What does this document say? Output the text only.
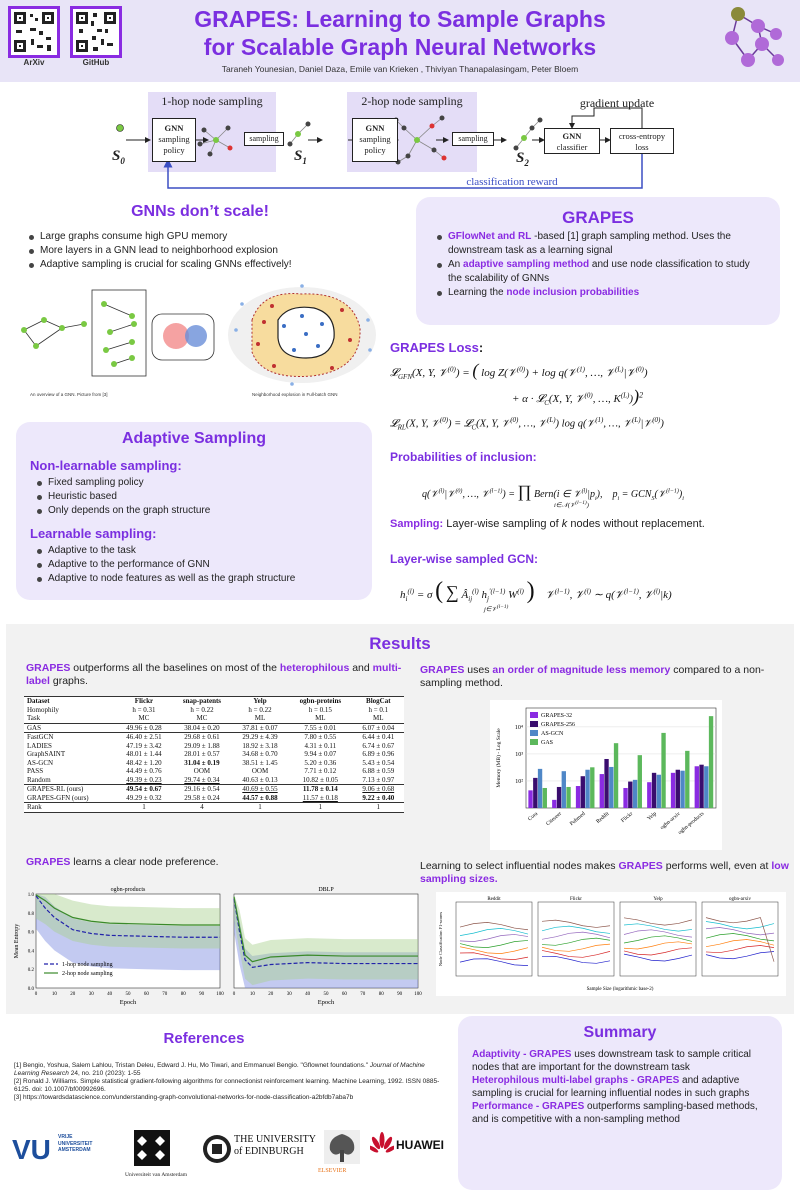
ArXiv	GitHub
GRAPES: Learning to Sample Graphs
for Scalable Graph Neural Networks
Taraneh Younesian, Daniel Daza, Emile van Krieken , Thiviyan Thanapalasingam, Peter Bloem
1-hop node sampling	2-hop node sampling	gradient update
$S_0$	$S_1$	$S_2$
GNN
sampling
policy
sampling
GNN
sampling
policy
sampling	GNN
classifier
cross-entropy
loss
classification reward
GNNs don’t scale!
Large graphs consume high GPU memory
More layers in a GNN lead to neighborhood explosion
Adaptive sampling is crucial for scaling GNNs effectively!
An overview of a GNN. Picture from [3]	Neighborhood explosion in Full-batch GNN
GRAPES
GFlowNet and RL -based [1] graph sampling method. Uses the downstream task as a learning signal
An adaptive sampling method and use node classification to study the scalability of GNNs
Learning the node inclusion probabilities
Adaptive Sampling
Non-learnable sampling:
Fixed sampling policy
Heuristic based
Only depends on the graph structure
Learnable sampling:
Adaptive to the task
Adaptive to the performance of GNN
Adaptive to node features as well as the graph structure
GRAPES Loss:
𝓛$_{GFN}$(X, Y, 𝒱$^{(0)}$) = ( log Z(𝒱$^{(0)}$) + log q(𝒱$^{(1)}$, …, 𝒱$^{(L)}$|𝒱$^{(0)}$)
+ α · 𝓛$_C$(X, Y, 𝒱$^{(0)}$, …, $K^{(L)}))^2$
𝓛$_{RL}$(X, Y, 𝒱$^{(0)}$) = 𝓛$_C$(X, Y, 𝒱$^{(0)}$, …, 𝒱$^{(L)}$) log q(𝒱$^{(1)}$, …, 𝒱$^{(L)}$|𝒱$^{(0)}$)
Probabilities of inclusion:
q(𝒱$^{(l)}$|𝒱$^{(0)}$, …, 𝒱$^{(l-1)}$) = ∏ Bern(i ∈ $𝒱^{(l)}|p_i$),    $p_i$ = $GCN_S(𝒱^{(l-1)})_i$
i∈𝒩(𝒱$^{(l-1)}$)
Sampling: Layer-wise sampling of k nodes without replacement.
Layer-wise sampled GCN:
$h_i^{(l)} = \sigma$ ( ∑ $Â_{ij}^{(l)}$ $h_j^{'(l-1)}$ $W^{(l)}$ )    𝒱$^{(l-1)}$, 𝒱$^{(l)}$ ∼ q(𝒱$^{(l-1)}$, 𝒱$^{(l)}$|k)
j∈𝒱$^{(l-1)}$
Results
GRAPES outperforms all the baselines on most of the heterophilous and multi-label graphs.
Dataset	Flickr	snap-patents	Yelp	ogbn-proteins	BlogCat
Homophily	h = 0.31	h = 0.22	h = 0.22	h = 0.15	h = 0.1
Task	MC	MC	ML	ML	ML
GAS	49.96 ± 0.28	38.04 ± 0.20	37.81 ± 0.07	7.55 ± 0.01	6.07 ± 0.04
FastGCN	46.40 ± 2.51	29.68 ± 0.61	29.29 ± 4.39	7.80 ± 0.55	6.44 ± 0.41
LADIES	47.19 ± 3.42	29.09 ± 1.88	18.92 ± 3.18	4.31 ± 0.11	6.74 ± 0.67
GraphSAINT	48.01 ± 1.44	28.01 ± 0.57	34.68 ± 0.70	9.94 ± 0.07	6.89 ± 0.96
AS-GCN	48.42 ± 1.20	31.04 ± 0.19	38.51 ± 1.45	5.20 ± 0.36	5.43 ± 0.54
PASS	44.49 ± 0.76	OOM	OOM	7.71 ± 0.12	6.88 ± 0.59
Random	49.39 ± 0.23	29.74 ± 0.34	40.63 ± 0.13	10.82 ± 0.05	7.13 ± 0.97
GRAPES-RL (ours)	49.54 ± 0.67	29.16 ± 0.54	40.69 ± 0.55	11.78 ± 0.14	9.06 ± 0.68
GRAPES-GFN (ours)	49.29 ± 0.32	29.58 ± 0.24	44.57 ± 0.88	11.57 ± 0.18	9.22 ± 0.40
Rank	1	4	1	1	1
GRAPES uses an order of magnitude less memory compared to a non-sampling method.
10²
10³
10⁴
Memory (MB) - Log Scale
GRAPES-32
GRAPES-256
AS-GCN
GAS
Cora Citeseer Pubmed Reddit Flickr Yelp ogbn-arxiv
ogbn-products
GRAPES learns a clear node preference.
ogbn-products
0	10	20	30	40	50	60	70	80	90 100
Epoch
0.0
0.2
0.4
0.6
0.8
1.0
Mean Entropy
1-hop node sampling
2-hop node sampling
DBLP
0	10	20	30	40	50	60	70	80	90 100
Epoch
Learning to select influential nodes makes GRAPES performs well, even at low sampling sizes.
Node Classification F1-scores
Reddit	Flickr	Yelp	ogbn-arxiv
Sample Size (logarithmic base-2)
References
[1] Bengio, Yoshua, Salem Lahlou, Tristan Deleu, Edward J. Hu, Mo Tiwari, and Emmanuel Bengio. "Gflownet foundations." Journal of Machine Learning Research 24, no. 210 (2023): 1-55
[2] Ronald J. Williams. Simple statistical gradient-following algorithms for connectionist reinforcement learning. Machine Learning, 1992. ISSN 0885-6125. doi: 10.1007/bf00992696.
[3] https://towardsdatascience.com/understanding-graph-convolutional-networks-for-node-classification-a2bfdb7aba7b
VU VRIJE
UNIVERSITEIT
AMSTERDAM
Universiteit van Amsterdam
THE UNIVERSITY
of EDINBURGH
ELSEVIER
HUAWEI
Summary
Adaptivity - GRAPES uses downstream task to sample critical nodes that are important for the downstream task
Heterophilous multi-label graphs - GRAPES and adaptive sampling is crucial for learning influential nodes in such graphs
Performance - GRAPES outperforms sampling-based methods, and is competitive with a non-sampling method
